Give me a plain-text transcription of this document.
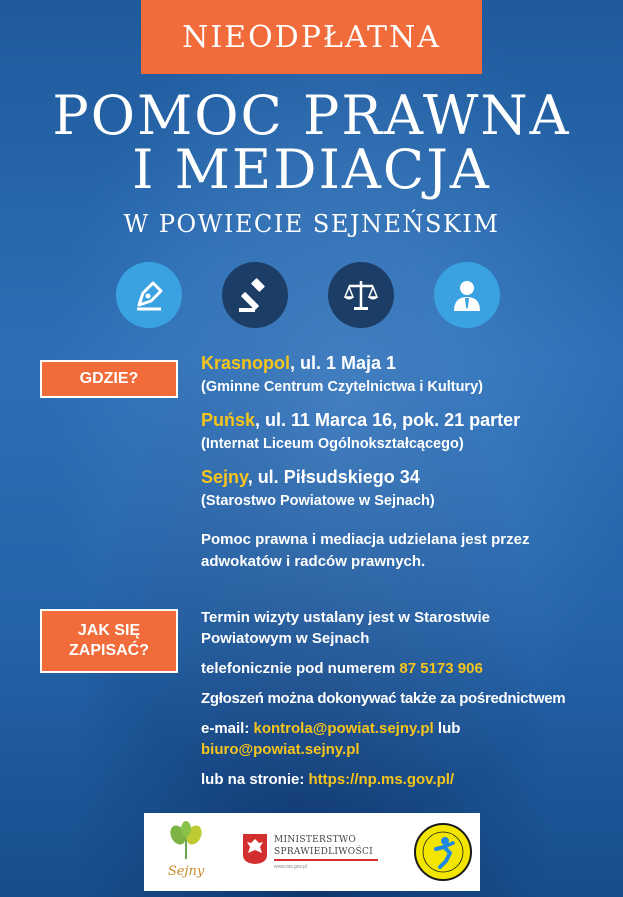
NIEODPŁATNA
POMOC PRAWNA
I MEDIACJA
W POWIECIE SEJNEŃSKIM
GDZIE?
Krasnopol, ul. 1 Maja 1
(Gminne Centrum Czytelnictwa i Kultury)
Puńsk, ul. 11 Marca 16, pok. 21 parter
(Internat Liceum Ogólnokształcącego)
Sejny, ul. Piłsudskiego 34
(Starostwo Powiatowe w Sejnach)
Pomoc prawna i mediacja udzielana jest przez
adwokatów i radców prawnych.
JAK SIĘ
ZAPISAĆ?
Termin wizyty ustalany jest w Starostwie
Powiatowym w Sejnach
telefonicznie pod numerem 87 5173 906
Zgłoszeń można dokonywać także za pośrednictwem
e-mail: kontrola@powiat.sejny.pl lub
biuro@powiat.sejny.pl
lub na stronie: https://np.ms.gov.pl/
Sejny
MINISTERSTWO
SPRAWIEDLIWOŚCI
www.ms.gov.pl
